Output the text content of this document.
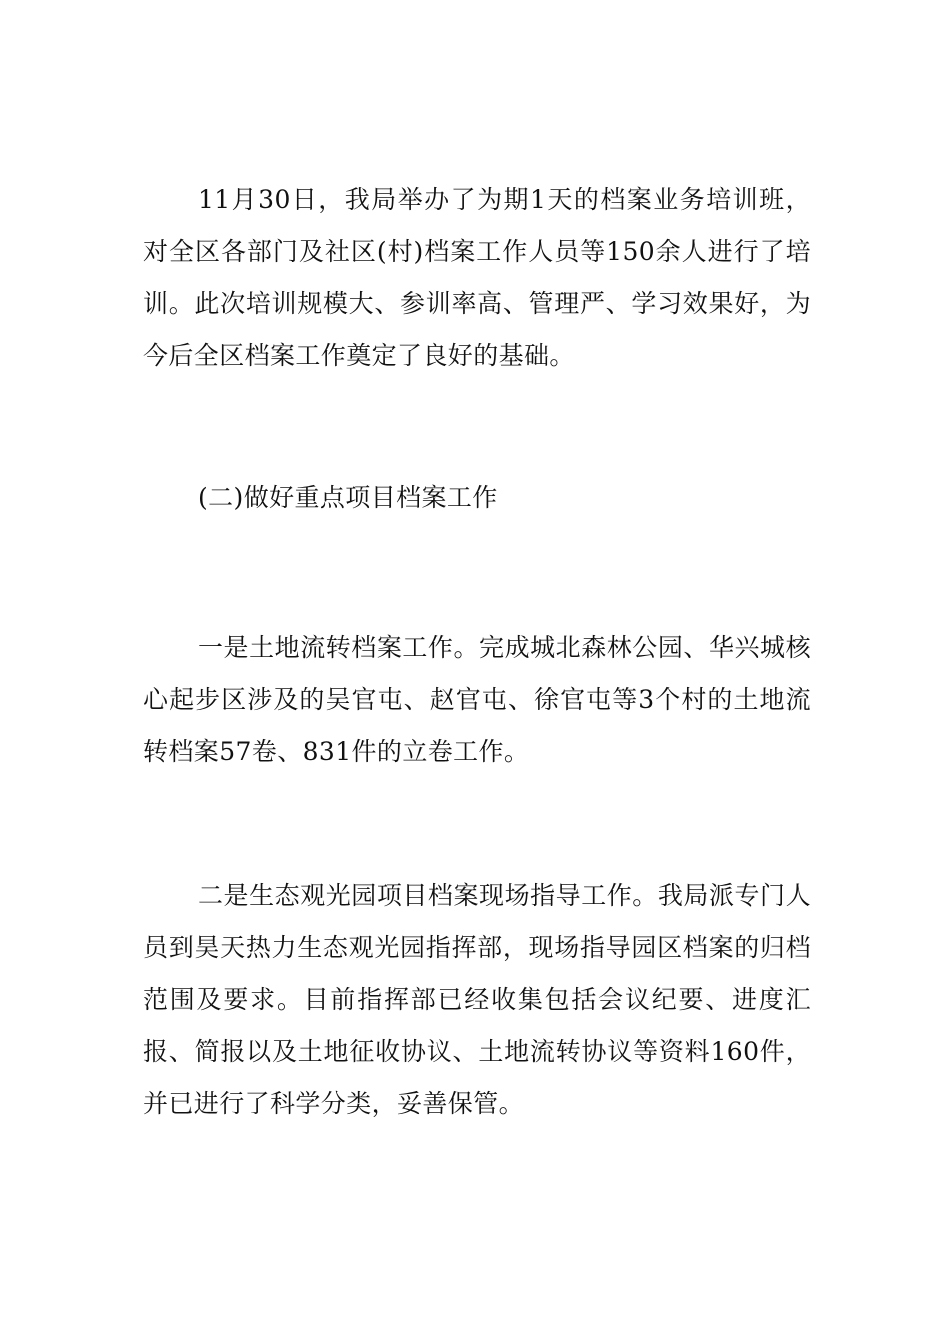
11月30日，我局举办了为期1天的档案业务培训班，对全区各部门及社区(村)档案工作人员等150余人进行了培训。此次培训规模大、参训率高、管理严、学习效果好，为今后全区档案工作奠定了良好的基础。

(二)做好重点项目档案工作

一是土地流转档案工作。完成城北森林公园、华兴城核心起步区涉及的吴官屯、赵官屯、徐官屯等3个村的土地流转档案57卷、831件的立卷工作。

二是生态观光园项目档案现场指导工作。我局派专门人员到昊天热力生态观光园指挥部，现场指导园区档案的归档范围及要求。目前指挥部已经收集包括会议纪要、进度汇报、简报以及土地征收协议、土地流转协议等资料160件，并已进行了科学分类，妥善保管。
